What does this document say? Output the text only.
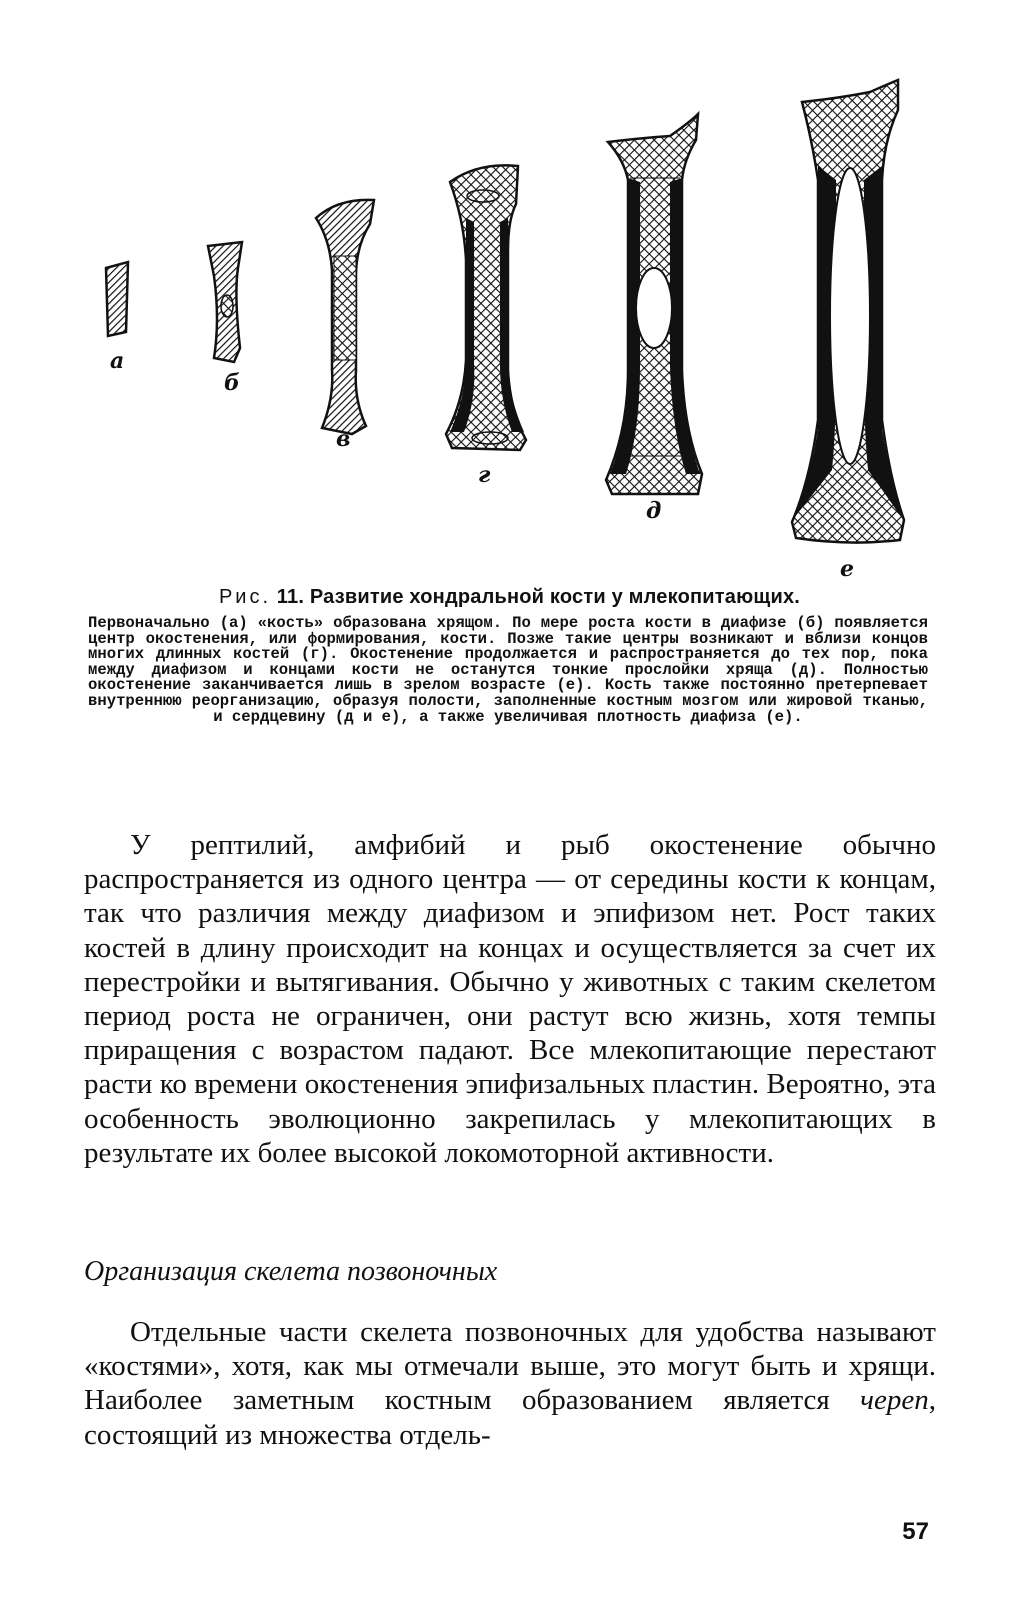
а
б
в
г
д
е
Рис. 11. Развитие хондральной кости у млекопитающих.
Первоначально (а) «кость» образована хрящом. По мере роста кости в диафизе (б) появляется центр окостенения, или формирования, кости. Позже такие центры возникают и вблизи концов многих длинных костей (г). Окостенение продолжается и распространяется до тех пор, пока между диафизом и концами кости не останутся тонкие прослойки хряща (д). Полностью окостенение заканчивается лишь в зрелом возрасте (е). Кость также постоянно претерпевает внутреннюю реорганизацию, образуя полости, заполненные костным мозгом или жировой тканью, и сердцевину (д и е), а также увеличивая плотность диафиза (е).

У рептилий, амфибий и рыб окостенение обычно распространяется из одного центра — от середины кости к концам, так что различия между диафизом и эпифизом нет. Рост таких костей в длину происходит на концах и осуществляется за счет их перестройки и вытягивания. Обычно у животных с таким скелетом период роста не ограничен, они растут всю жизнь, хотя темпы приращения с возрастом падают. Все млекопитающие перестают расти ко времени окостенения эпифизальных пластин. Вероятно, эта особенность эволюционно закрепилась у млекопитающих в результате их более высокой локомоторной активности.

Организация скелета позвоночных

Отдельные части скелета позвоночных для удобства называют «костями», хотя, как мы отмечали выше, это могут быть и хрящи. Наиболее заметным костным образованием является череп, состоящий из множества отдель-

57
